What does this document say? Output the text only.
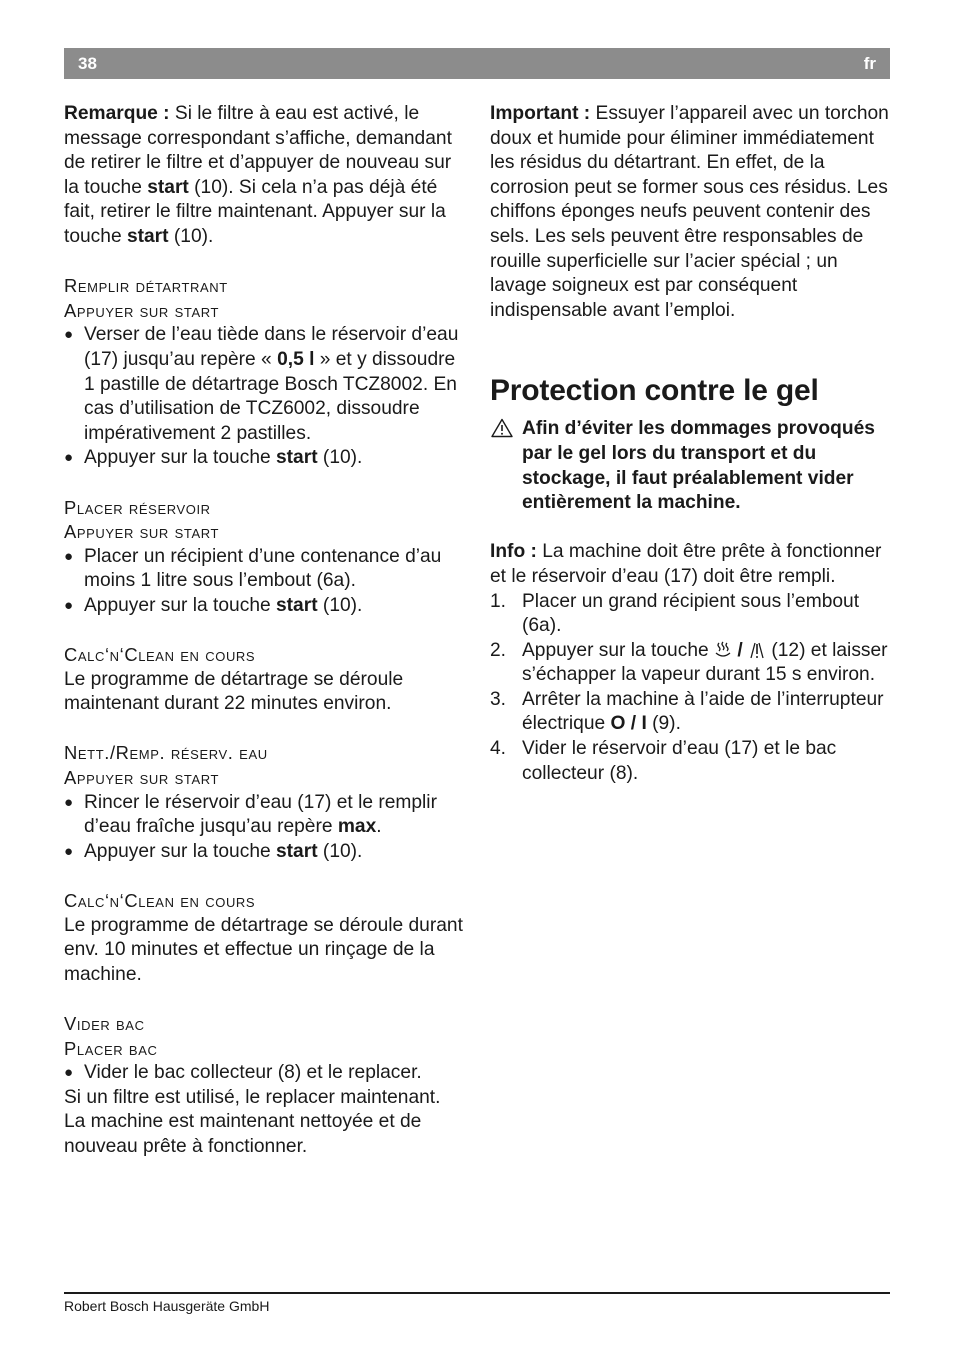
38	fr

Remarque : Si le filtre à eau est activé, le message correspondant s’affiche, demandant de retirer le filtre et d’appuyer de nouveau sur la touche start (10). Si cela n’a pas déjà été fait, retirer le filtre maintenant. Appuyer sur la touche start (10).

Remplir détartrant

Appuyer sur start

● Verser de l’eau tiède dans le réservoir d’eau (17) jusqu’au repère « 0,5 l » et y dissoudre 1 pastille de détartrage Bosch TCZ8002. En cas d’utilisation de TCZ6002, dissoudre impérativement 2 pastilles.
● Appuyer sur la touche start (10).

Placer réservoir

Appuyer sur start

● Placer un récipient d’une contenance d’au moins 1 litre sous l’embout (6a).
● Appuyer sur la touche start (10).

Calc‘n‘Clean en cours

Le programme de détartrage se déroule maintenant durant 22 minutes environ.

Nett./Remp. réserv. eau

Appuyer sur start

● Rincer le réservoir d’eau (17) et le remplir d’eau fraîche jusqu’au repère max.
● Appuyer sur la touche start (10).

Calc‘n‘Clean en cours

Le programme de détartrage se déroule durant env. 10 minutes et effectue un rinçage de la machine.

Vider bac

Placer bac

● Vider le bac collecteur (8) et le replacer.

Si un filtre est utilisé, le replacer maintenant. La machine est maintenant nettoyée et de nouveau prête à fonctionner.

Important : Essuyer l’appareil avec un torchon doux et humide pour éliminer immédiatement les résidus du détartrant. En effet, de la corrosion peut se former sous ces résidus. Les chiffons éponges neufs peuvent contenir des sels. Les sels peuvent être responsables de rouille superficielle sur l’acier spécial ; un lavage soigneux est par conséquent indispensable avant l’emploi.

Protection contre le gel

Afin d’éviter les dommages provoqués par le gel lors du transport et du stockage, il faut préalablement vider entièrement la machine.

Info : La machine doit être prête à fonctionner et le réservoir d’eau (17) doit être rempli.

1. Placer un grand récipient sous l’embout (6a).
2. Appuyer sur la touche  /  (12) et laisser s’échapper la vapeur durant 15 s environ.
3. Arrêter la machine à l’aide de l’interrupteur électrique O / I (9).
4. Vider le réservoir d’eau (17) et le bac collecteur (8).
Robert Bosch Hausgeräte GmbH
